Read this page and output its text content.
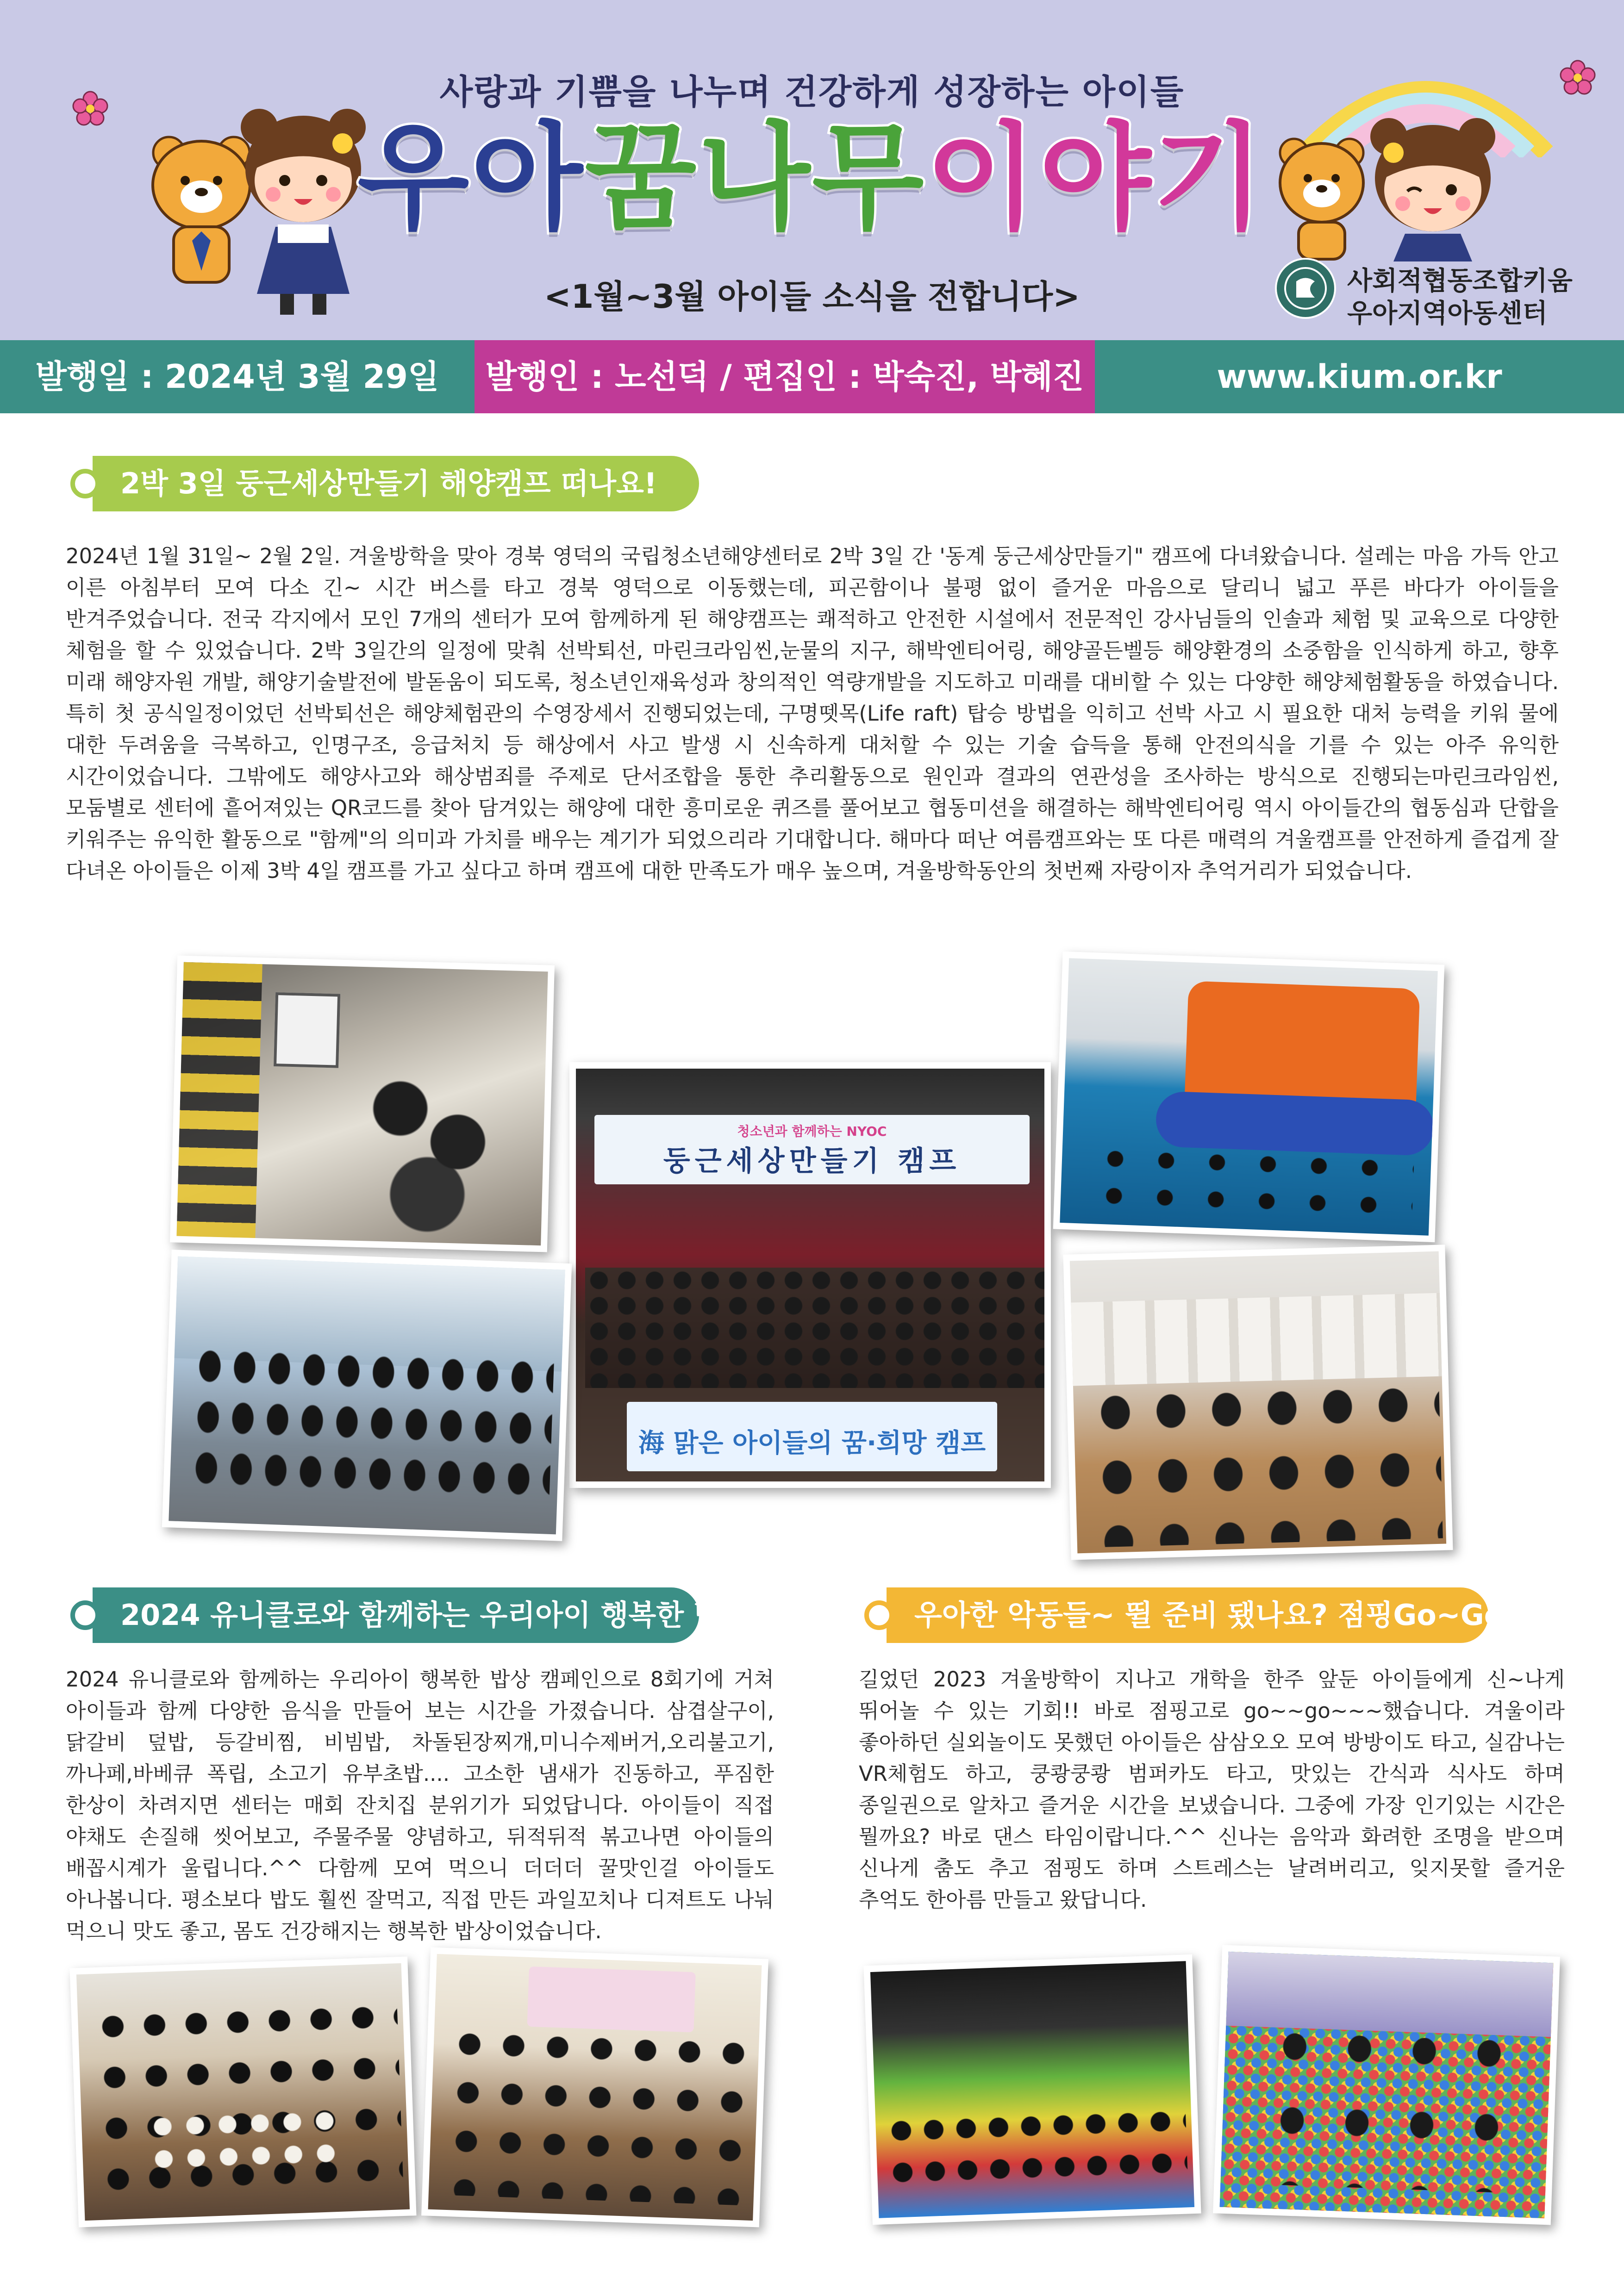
사랑과 기쁨을 나누며 건강하게 성장하는 아이들
우아꿈나무이야기
<1월~3월 아이들 소식을 전합니다>	사회적협동조합키움
우아지역아동센터
발행일 : 2024년 3월 29일	발행인 : 노선덕 / 편집인 : 박숙진, 박혜진	www.kium.or.kr
2박 3일 둥근세상만들기 해양캠프 떠나요!
2024년 1월 31일~ 2월 2일. 겨울방학을 맞아 경북 영덕의 국립청소년해양센터로 2박 3일 간 '동계 둥근세상만들기" 캠프에 다녀왔습니다. 설레는 마음 가득 안고 이른 아침부터 모여 다소 긴~ 시간 버스를 타고 경북 영덕으로 이동했는데, 피곤함이나 불평 없이 즐거운 마음으로 달리니 넓고 푸른 바다가 아이들을 반겨주었습니다. 전국 각지에서 모인 7개의 센터가 모여 함께하게 된 해양캠프는 쾌적하고 안전한 시설에서 전문적인 강사님들의 인솔과 체험 및 교육으로 다양한 체험을 할 수 있었습니다. 2박 3일간의 일정에 맞춰 선박퇴선, 마린크라임씬,눈물의 지구, 해박엔티어링, 해양골든벨등 해양환경의 소중함을 인식하게 하고, 향후 미래 해양자원 개발, 해양기술발전에 발돋움이 되도록, 청소년인재육성과 창의적인 역량개발을 지도하고 미래를 대비할 수 있는 다양한 해양체험활동을 하였습니다. 특히 첫 공식일정이었던 선박퇴선은 해양체험관의 수영장세서 진행되었는데, 구명뗏목(Life raft) 탑승 방법을 익히고 선박 사고 시 필요한 대처 능력을 키워 물에 대한 두려움을 극복하고, 인명구조, 응급처치 등 해상에서 사고 발생 시 신속하게 대처할 수 있는 기술 습득을 통해 안전의식을 기를 수 있는 아주 유익한 시간이었습니다. 그밖에도 해양사고와 해상범죄를 주제로 단서조합을 통한 추리활동으로 원인과 결과의 연관성을 조사하는 방식으로 진행되는마린크라임씬, 모둠별로 센터에 흩어져있는 QR코드를 찾아 담겨있는 해양에 대한 흥미로운 퀴즈를 풀어보고 협동미션을 해결하는 해박엔티어링 역시 아이들간의 협동심과 단합을 키워주는 유익한 활동으로 "함께"의 의미과 가치를 배우는 계기가 되었으리라 기대합니다. 해마다 떠난 여름캠프와는 또 다른 매력의 겨울캠프를 안전하게 즐겁게 잘 다녀온 아이들은 이제 3박 4일 캠프를 가고 싶다고 하며 캠프에 대한 만족도가 매우 높으며, 겨울방학동안의 첫번째 자랑이자 추억거리가 되었습니다.
청소년과 함께하는 NYOC
둥근세상만들기 캠프
海 맑은 아이들의 꿈·희망 캠프
2024 유니클로와 함께하는 우리아이 행복한 밥상
2024 유니클로와 함께하는 우리아이 행복한 밥상 캠페인으로 8회기에 거쳐 아이들과 함께 다양한 음식을 만들어 보는 시간을 가졌습니다. 삼겹살구이, 닭갈비 덮밥, 등갈비찜, 비빔밥, 차돌된장찌개,미니수제버거,오리불고기,까나페,바베큐 폭립, 소고기 유부초밥.... 고소한 냄새가 진동하고, 푸짐한 한상이 차려지면 센터는 매회 잔치집 분위기가 되었답니다. 아이들이 직접 야채도 손질해 씻어보고, 주물주물 양념하고, 뒤적뒤적 볶고나면 아이들의 배꼽시계가 울립니다.^^ 다함께 모여 먹으니 더더더 꿀맛인걸 아이들도 아나봅니다. 평소보다 밥도 훨씬 잘먹고, 직접 만든 과일꼬치나 디져트도 나눠 먹으니 맛도 좋고, 몸도 건강해지는 행복한 밥상이었습니다.
우아한 악동들~ 뛸 준비 됐나요? 점핑Go~Go~
길었던 2023 겨울방학이 지나고 개학을 한주 앞둔 아이들에게 신~나게 뛰어놀 수 있는 기회!! 바로 점핑고로 go~~go~~~했습니다. 겨울이라 좋아하던 실외놀이도 못했던 아이들은 삼삼오오 모여 방방이도 타고, 실감나는 VR체험도 하고, 쿵쾅쿵쾅 범퍼카도 타고, 맛있는 간식과 식사도 하며 종일권으로 알차고 즐거운 시간을 보냈습니다. 그중에 가장 인기있는 시간은 뭘까요? 바로 댄스 타임이랍니다.^^ 신나는 음악과 화려한 조명을 받으며 신나게 춤도 추고 점핑도 하며 스트레스는 날려버리고, 잊지못할 즐거운 추억도 한아름 만들고 왔답니다.
